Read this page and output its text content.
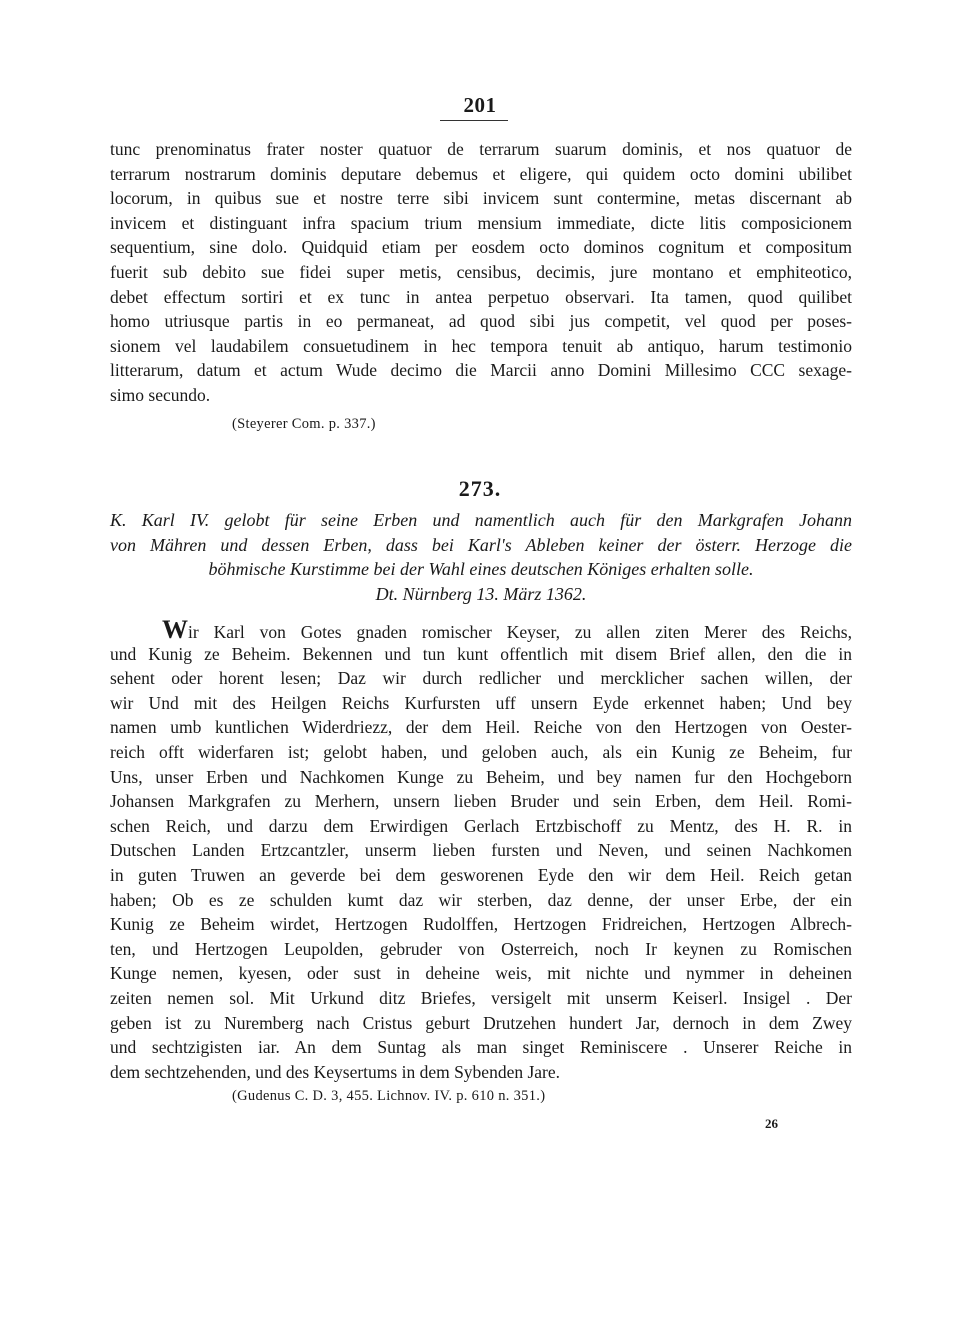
201
tunc prenominatus frater noster quatuor de terrarum suarum dominis, et nos quatuor de
terrarum nostrarum dominis deputare debemus et eligere, qui quidem octo domini ubilibet
locorum, in quibus sue et nostre terre sibi invicem sunt contermine, metas discernant ab
invicem et distinguant infra spacium trium mensium immediate, dicte litis composicionem
sequentium, sine dolo. Quidquid etiam per eosdem octo dominos cognitum et compositum
fuerit sub debito sue fidei super metis, censibus, decimis, jure montano et emphiteotico,
debet effectum sortiri et ex tunc in antea perpetuo observari. Ita tamen, quod quilibet
homo utriusque partis in eo permaneat, ad quod sibi jus competit, vel quod per poses-
sionem vel laudabilem consuetudinem in hec tempora tenuit ab antiquo, harum testimonio
litterarum, datum et actum Wude decimo die Marcii anno Domini Millesimo CCC sexage-
simo secundo.
(Steyerer Com. p. 337.)
273.
K. Karl IV. gelobt für seine Erben und namentlich auch für den Markgrafen Johann
von Mähren und dessen Erben, dass bei Karl's Ableben keiner der österr. Herzoge die
böhmische Kurstimme bei der Wahl eines deutschen Königes erhalten solle.
Dt. Nürnberg 13. März 1362.
Wir Karl von Gotes gnaden romischer Keyser, zu allen ziten Merer des Reichs,
und Kunig ze Beheim. Bekennen und tun kunt offentlich mit disem Brief allen, den die in
sehent oder horent lesen; Daz wir durch redlicher und mercklicher sachen willen, der
wir Und mit des Heilgen Reichs Kurfursten uff unsern Eyde erkennet haben; Und bey
namen umb kuntlichen Widerdriezz, der dem Heil. Reiche von den Hertzogen von Oester-
reich offt widerfaren ist; gelobt haben, und geloben auch, als ein Kunig ze Beheim, fur
Uns, unser Erben und Nachkomen Kunge zu Beheim, und bey namen fur den Hochgeborn
Johansen Markgrafen zu Merhern, unsern lieben Bruder und sein Erben, dem Heil. Romi-
schen Reich, und darzu dem Erwirdigen Gerlach Ertzbischoff zu Mentz, des H. R. in
Dutschen Landen Ertzcantzler, unserm lieben fursten und Neven, und seinen Nachkomen
in guten Truwen an geverde bei dem gesworenen Eyde den wir dem Heil. Reich getan
haben; Ob es ze schulden kumt daz wir sterben, daz denne, der unser Erbe, der ein
Kunig ze Beheim wirdet, Hertzogen Rudolffen, Hertzogen Fridreichen, Hertzogen Albrech-
ten, und Hertzogen Leupolden, gebruder von Osterreich, noch Ir keynen zu Romischen
Kunge nemen, kyesen, oder sust in deheine weis, mit nichte und nymmer in deheinen
zeiten nemen sol. Mit Urkund ditz Briefes, versigelt mit unserm Keiserl. Insigel . Der
geben ist zu Nuremberg nach Cristus geburt Drutzehen hundert Jar, dernoch in dem Zwey
und sechtzigisten iar. An dem Suntag als man singet Reminiscere . Unserer Reiche in
dem sechtzehenden, und des Keysertums in dem Sybenden Jare.
(Gudenus C. D. 3, 455. Lichnov. IV. p. 610 n. 351.)
26
